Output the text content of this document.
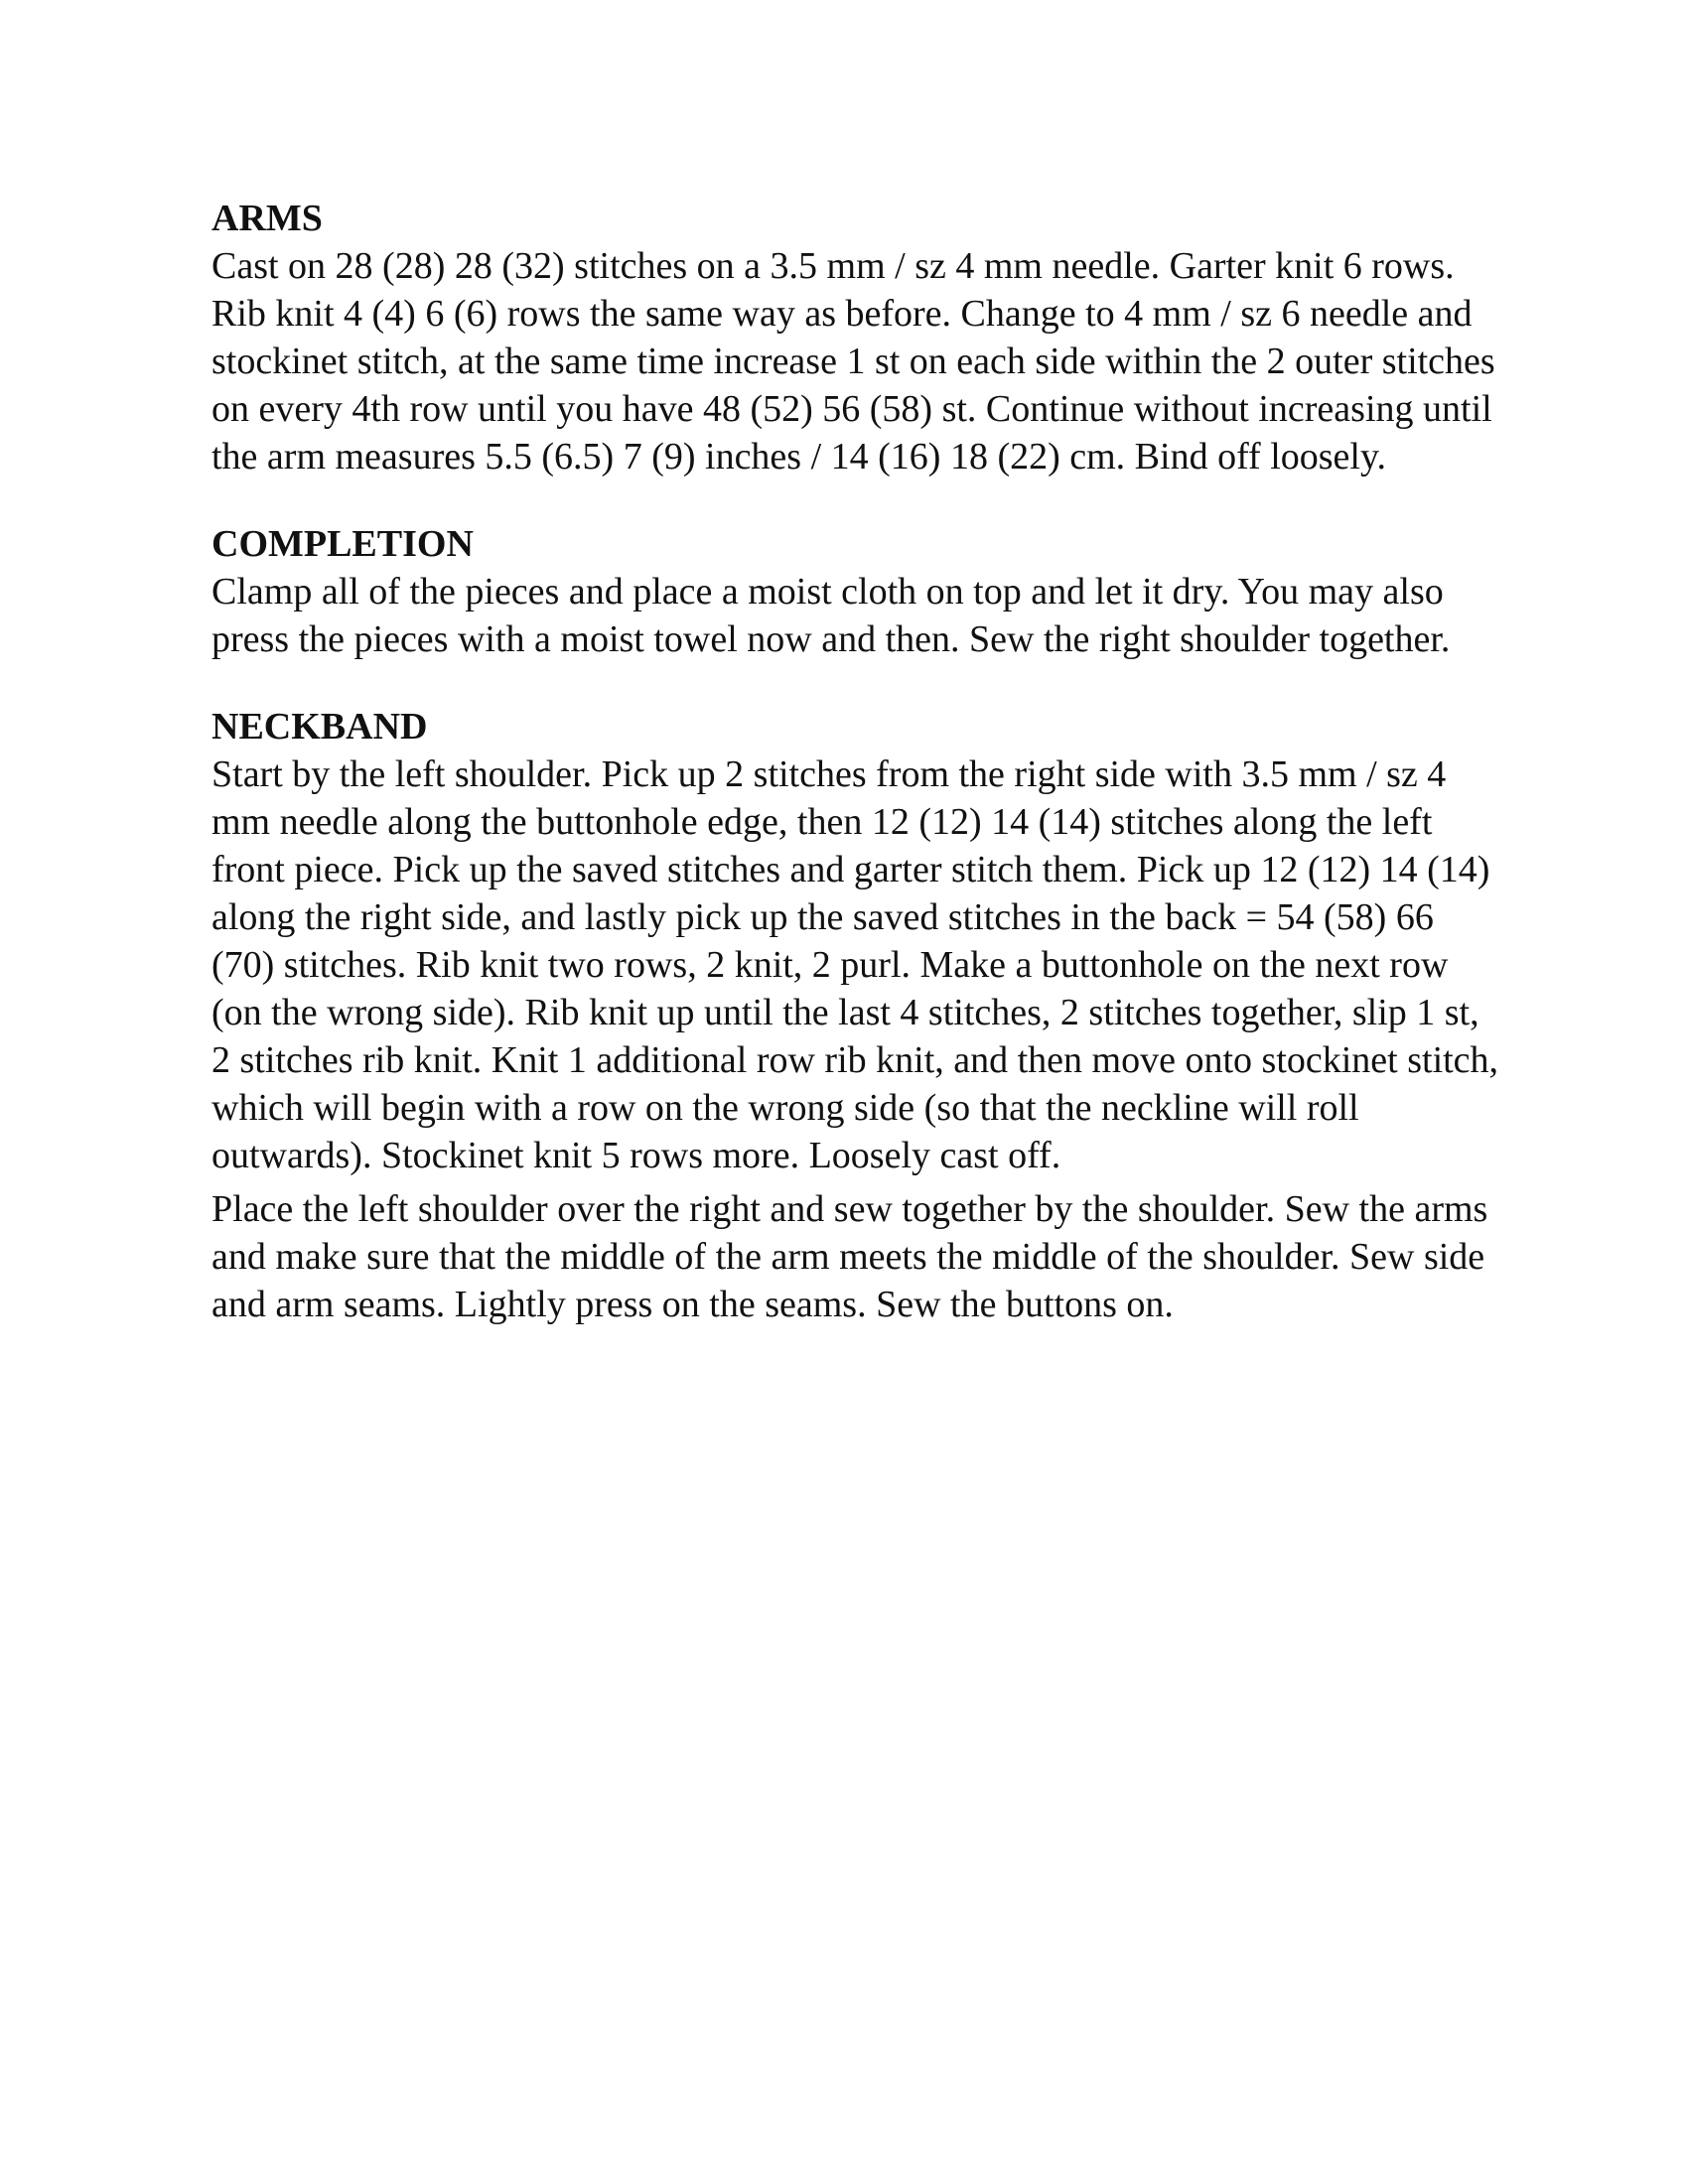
ARMS

Cast on 28 (28) 28 (32) stitches on a 3.5 mm / sz 4 mm needle. Garter knit 6 rows. Rib knit 4 (4) 6 (6) rows the same way as before. Change to 4 mm / sz 6 needle and stockinet stitch, at the same time increase 1 st on each side within the 2 outer stitches on every 4th row until you have 48 (52) 56 (58) st. Continue without increasing until the arm measures 5.5 (6.5) 7 (9) inches / 14 (16) 18 (22) cm. Bind off loosely.

COMPLETION

Clamp all of the pieces and place a moist cloth on top and let it dry. You may also press the pieces with a moist towel now and then. Sew the right shoulder together.

NECKBAND

Start by the left shoulder. Pick up 2 stitches from the right side with 3.5 mm / sz 4 mm needle along the buttonhole edge, then 12 (12) 14 (14) stitches along the left front piece. Pick up the saved stitches and garter stitch them. Pick up 12 (12) 14 (14) along the right side, and lastly pick up the saved stitches in the back = 54 (58) 66 (70) stitches. Rib knit two rows, 2 knit, 2 purl. Make a buttonhole on the next row (on the wrong side). Rib knit up until the last 4 stitches, 2 stitches together, slip 1 st, 2 stitches rib knit. Knit 1 additional row rib knit, and then move onto stockinet stitch, which will begin with a row on the wrong side (so that the neckline will roll outwards). Stockinet knit 5 rows more. Loosely cast off.

Place the left shoulder over the right and sew together by the shoulder. Sew the arms and make sure that the middle of the arm meets the middle of the shoulder. Sew side and arm seams. Lightly press on the seams. Sew the buttons on.
